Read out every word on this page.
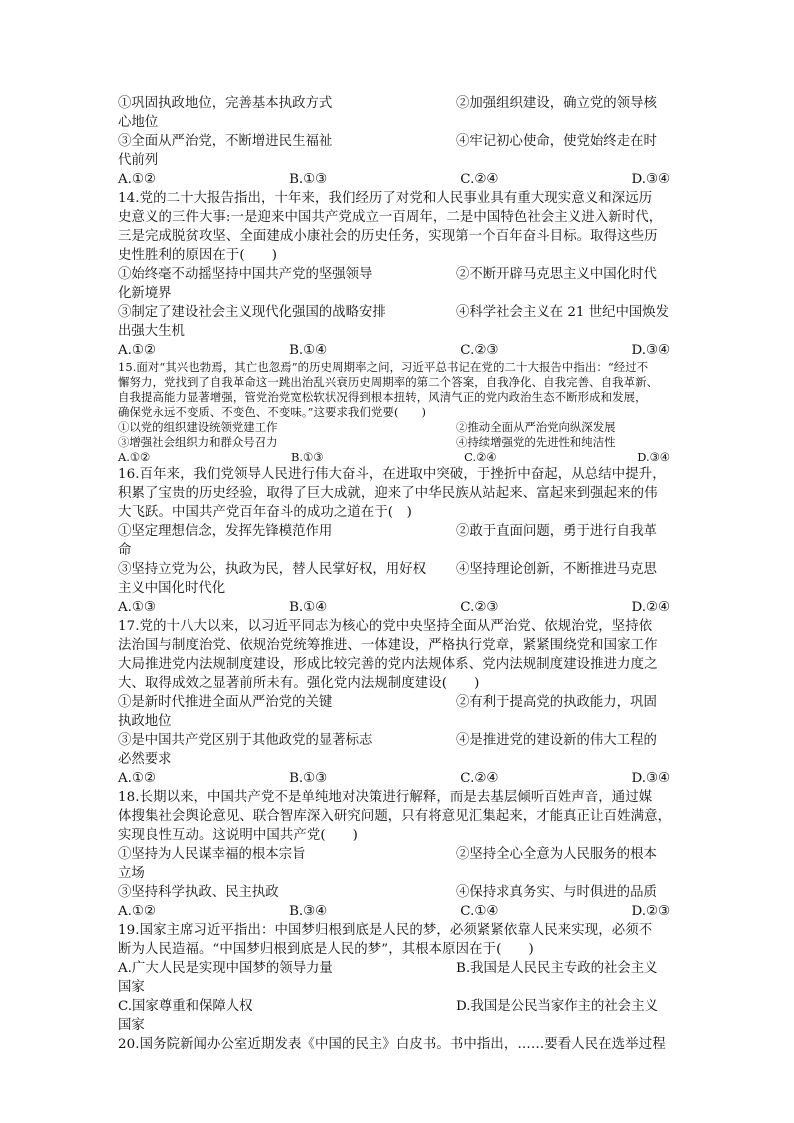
①巩固执政地位，完善基本执政方式	②加强组织建设，确立党的领导核
心地位
③全面从严治党，不断增进民生福祉	④牢记初心使命，使党始终走在时
代前列
A.①②	B.①③	C.②④	D.③④

14.党的二十大报告指出，十年来，我们经历了对党和人民事业具有重大现实意义和深远历

史意义的三件大事:一是迎来中国共产党成立一百周年，二是中国特色社会主义进入新时代，

三是完成脱贫攻坚、全面建成小康社会的历史任务，实现第一个百年奋斗目标。取得这些历

史性胜利的原因在于(　　)

①始终毫不动摇坚持中国共产党的坚强领导	②不断开辟马克思主义中国化时代
化新境界
③制定了建设社会主义现代化强国的战略安排	④科学社会主义在 21 世纪中国焕发
出强大生机
A.①②	B.①④	C.②③	D.③④

15.面对“其兴也勃焉，其亡也忽焉”的历史周期率之问，习近平总书记在党的二十大报告中指出：“经过不

懈努力，党找到了自我革命这一跳出治乱兴衰历史周期率的第二个答案，自我净化、自我完善、自我革新、

自我提高能力显著增强，管党治党宽松软状况得到根本扭转，风清气正的党内政治生态不断形成和发展，

确保党永远不变质、不变色、不变味。”这要求我们党要(　　)

①以党的组织建设统领党建工作	②推动全面从严治党向纵深发展
③增强社会组织力和群众号召力	④持续增强党的先进性和纯洁性
A.①②	B.①③	C.②④	D.③④

16.百年来，我们党领导人民进行伟大奋斗，在进取中突破，于挫折中奋起，从总结中提升，

积累了宝贵的历史经验，取得了巨大成就，迎来了中华民族从站起来、富起来到强起来的伟

大飞跃。中国共产党百年奋斗的成功之道在于(　)

①坚定理想信念，发挥先锋模范作用	②敢于直面问题，勇于进行自我革
命
③坚持立党为公，执政为民，替人民掌好权，用好权	④坚持理论创新，不断推进马克思
主义中国化时代化
A.①③	B.①④	C.②③	D.②④

17.党的十八大以来，以习近平同志为核心的党中央坚持全面从严治党、依规治党，坚持依

法治国与制度治党、依规治党统筹推进、一体建设，严格执行党章，紧紧围绕党和国家工作

大局推进党内法规制度建设，形成比较完善的党内法规体系、党内法规制度建设推进力度之

大、取得成效之显著前所未有。强化党内法规制度建设(　　)

①是新时代推进全面从严治党的关键	②有利于提高党的执政能力，巩固
执政地位
③是中国共产党区别于其他政党的显著标志	④是推进党的建设新的伟大工程的
必然要求
A.①②	B.①③	C.②④	D.③④

18.长期以来，中国共产党不是单纯地对决策进行解释，而是去基层倾听百姓声音，通过媒

体搜集社会舆论意见、联合智库深入研究问题，只有将意见汇集起来，才能真正让百姓满意，

实现良性互动。这说明中国共产党(　　)

①坚持为人民谋幸福的根本宗旨	②坚持全心全意为人民服务的根本
立场
③坚持科学执政、民主执政	④保持求真务实、与时俱进的品质
A.①②	B.③④	C.①④	D.②③

19.国家主席习近平指出：中国梦归根到底是人民的梦，必须紧紧依靠人民来实现，必须不

断为人民造福。“中国梦归根到底是人民的梦”，其根本原因在于(　　)

A.广大人民是实现中国梦的领导力量	B.我国是人民民主专政的社会主义
国家
C.国家尊重和保障人权	D.我国是公民当家作主的社会主义
国家

20.国务院新闻办公室近期发表《中国的民主》白皮书。书中指出，……要看人民在选举过程
